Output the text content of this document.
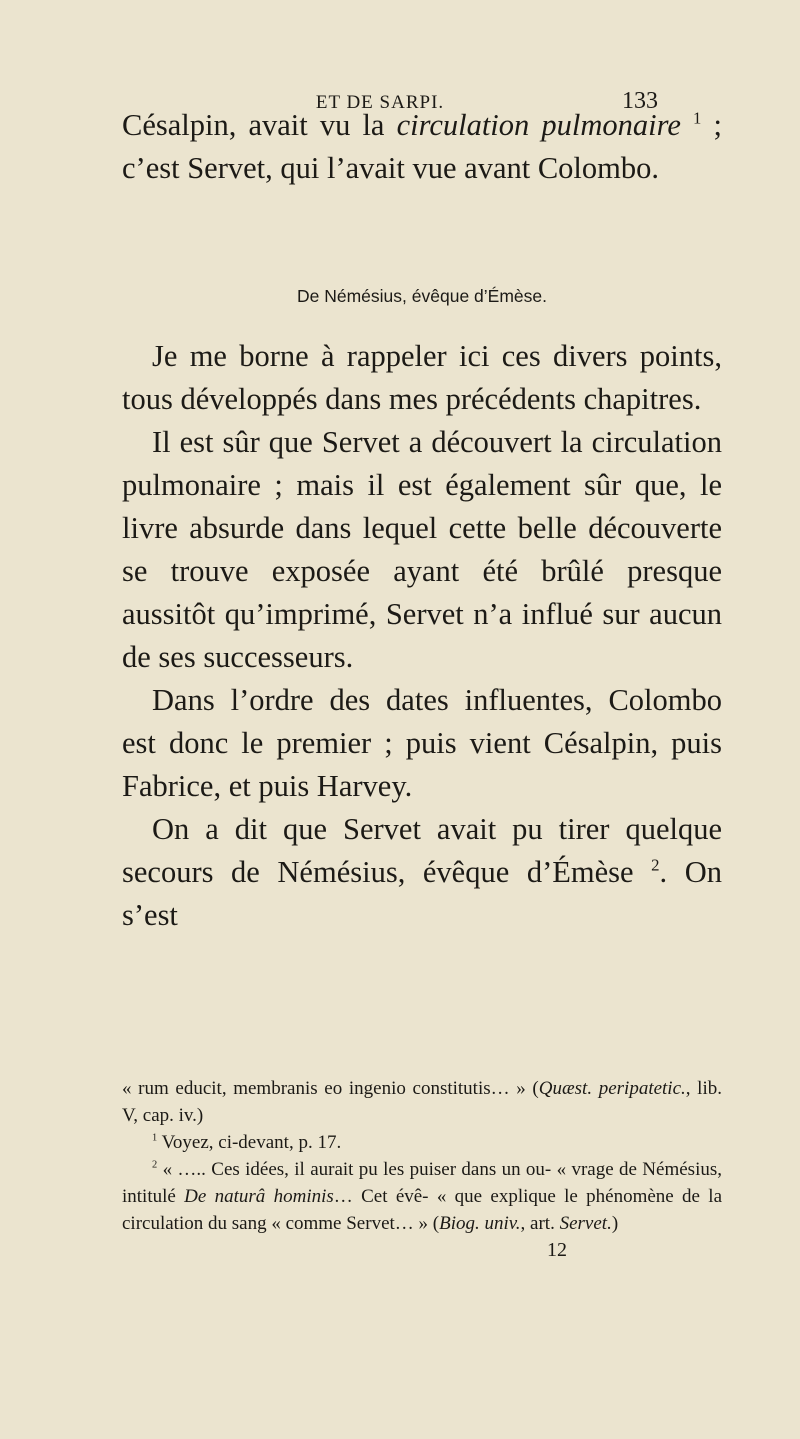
ET DE SARPI.	133

Césalpin, avait vu la circulation pulmonaire $^1$ ; c’est Servet, qui l’avait vue avant Colombo.

De Némésius, évêque d’Émèse.

Je me borne à rappeler ici ces divers points, tous développés dans mes précédents chapitres.

Il est sûr que Servet a découvert la circulation pulmonaire ; mais il est également sûr que, le livre absurde dans lequel cette belle découverte se trouve exposée ayant été brûlé presque aussitôt qu’imprimé, Servet n’a influé sur aucun de ses successeurs.

Dans l’ordre des dates influentes, Colombo est donc le premier ; puis vient Césalpin, puis Fabrice, et puis Harvey.

On a dit que Servet avait pu tirer quelque secours de Némésius, évêque d’Émèse $^2$. On s’est

« rum educit, membranis eo ingenio constitutis… » (Quæst. peripatetic., lib. V, cap. iv.)

$^1$ Voyez, ci-devant, p. 17.

$^2$ « ….. Ces idées, il aurait pu les puiser dans un ou- « vrage de Némésius, intitulé De naturâ hominis… Cet évê- « que explique le phénomène de la circulation du sang « comme Servet… » (Biog. univ., art. Servet.)

12
